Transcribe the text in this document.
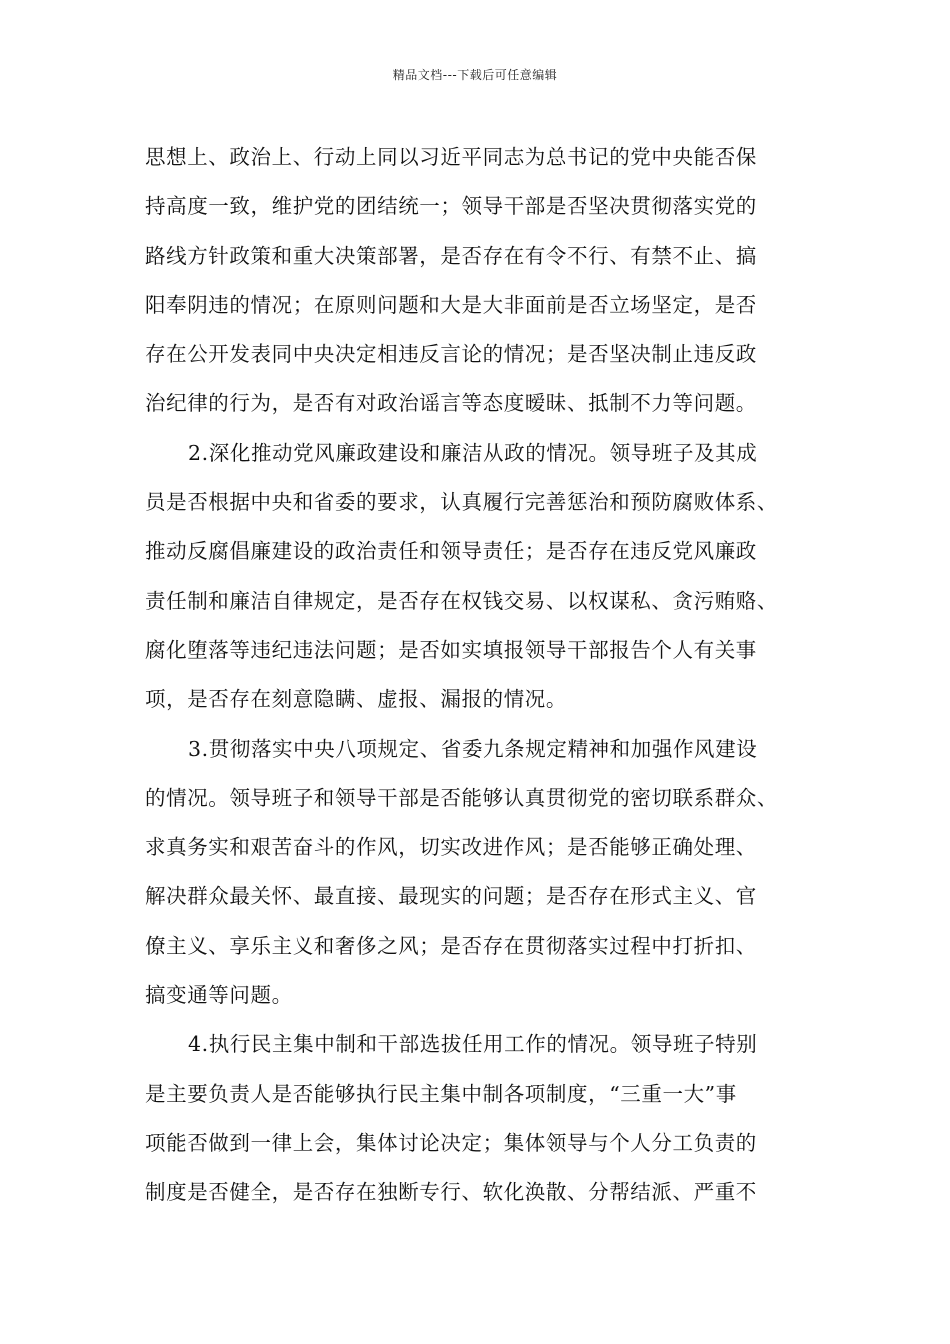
精品文档---下载后可任意编辑
思想上、政治上、行动上同以习近平同志为总书记的党中央能否保
持高度一致，维护党的团结统一；领导干部是否坚决贯彻落实党的
路线方针政策和重大决策部署，是否存在有令不行、有禁不止、搞
阳奉阴违的情况；在原则问题和大是大非面前是否立场坚定，是否
存在公开发表同中央决定相违反言论的情况；是否坚决制止违反政
治纪律的行为，是否有对政治谣言等态度暧昧、抵制不力等问题。
2.深化推动党风廉政建设和廉洁从政的情况。领导班子及其成
员是否根据中央和省委的要求，认真履行完善惩治和预防腐败体系、
推动反腐倡廉建设的政治责任和领导责任；是否存在违反党风廉政
责任制和廉洁自律规定，是否存在权钱交易、以权谋私、贪污贿赂、
腐化堕落等违纪违法问题；是否如实填报领导干部报告个人有关事
项，是否存在刻意隐瞒、虚报、漏报的情况。
3.贯彻落实中央八项规定、省委九条规定精神和加强作风建设
的情况。领导班子和领导干部是否能够认真贯彻党的密切联系群众、
求真务实和艰苦奋斗的作风，切实改进作风；是否能够正确处理、
解决群众最关怀、最直接、最现实的问题；是否存在形式主义、官
僚主义、享乐主义和奢侈之风；是否存在贯彻落实过程中打折扣、
搞变通等问题。
4.执行民主集中制和干部选拔任用工作的情况。领导班子特别
是主要负责人是否能够执行民主集中制各项制度，“三重一大”事
项能否做到一律上会，集体讨论决定；集体领导与个人分工负责的
制度是否健全，是否存在独断专行、软化涣散、分帮结派、严重不
